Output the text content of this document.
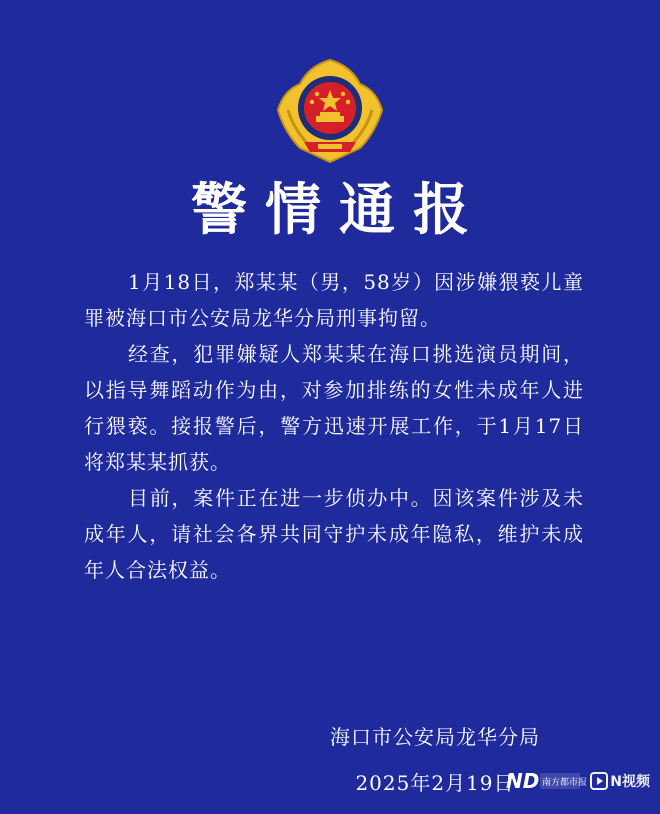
警情通报

1月18日，郑某某（男，58岁）因涉嫌猥亵儿童罪被海口市公安局龙华分局刑事拘留。

经查，犯罪嫌疑人郑某某在海口挑选演员期间，以指导舞蹈动作为由，对参加排练的女性未成年人进行猥亵。接报警后，警方迅速开展工作，于1月17日将郑某某抓获。

目前，案件正在进一步侦办中。因该案件涉及未成年人，请社会各界共同守护未成年隐私，维护未成年人合法权益。

海口市公安局龙华分局
2025年2月19日
ND 南方都市报 N视频
